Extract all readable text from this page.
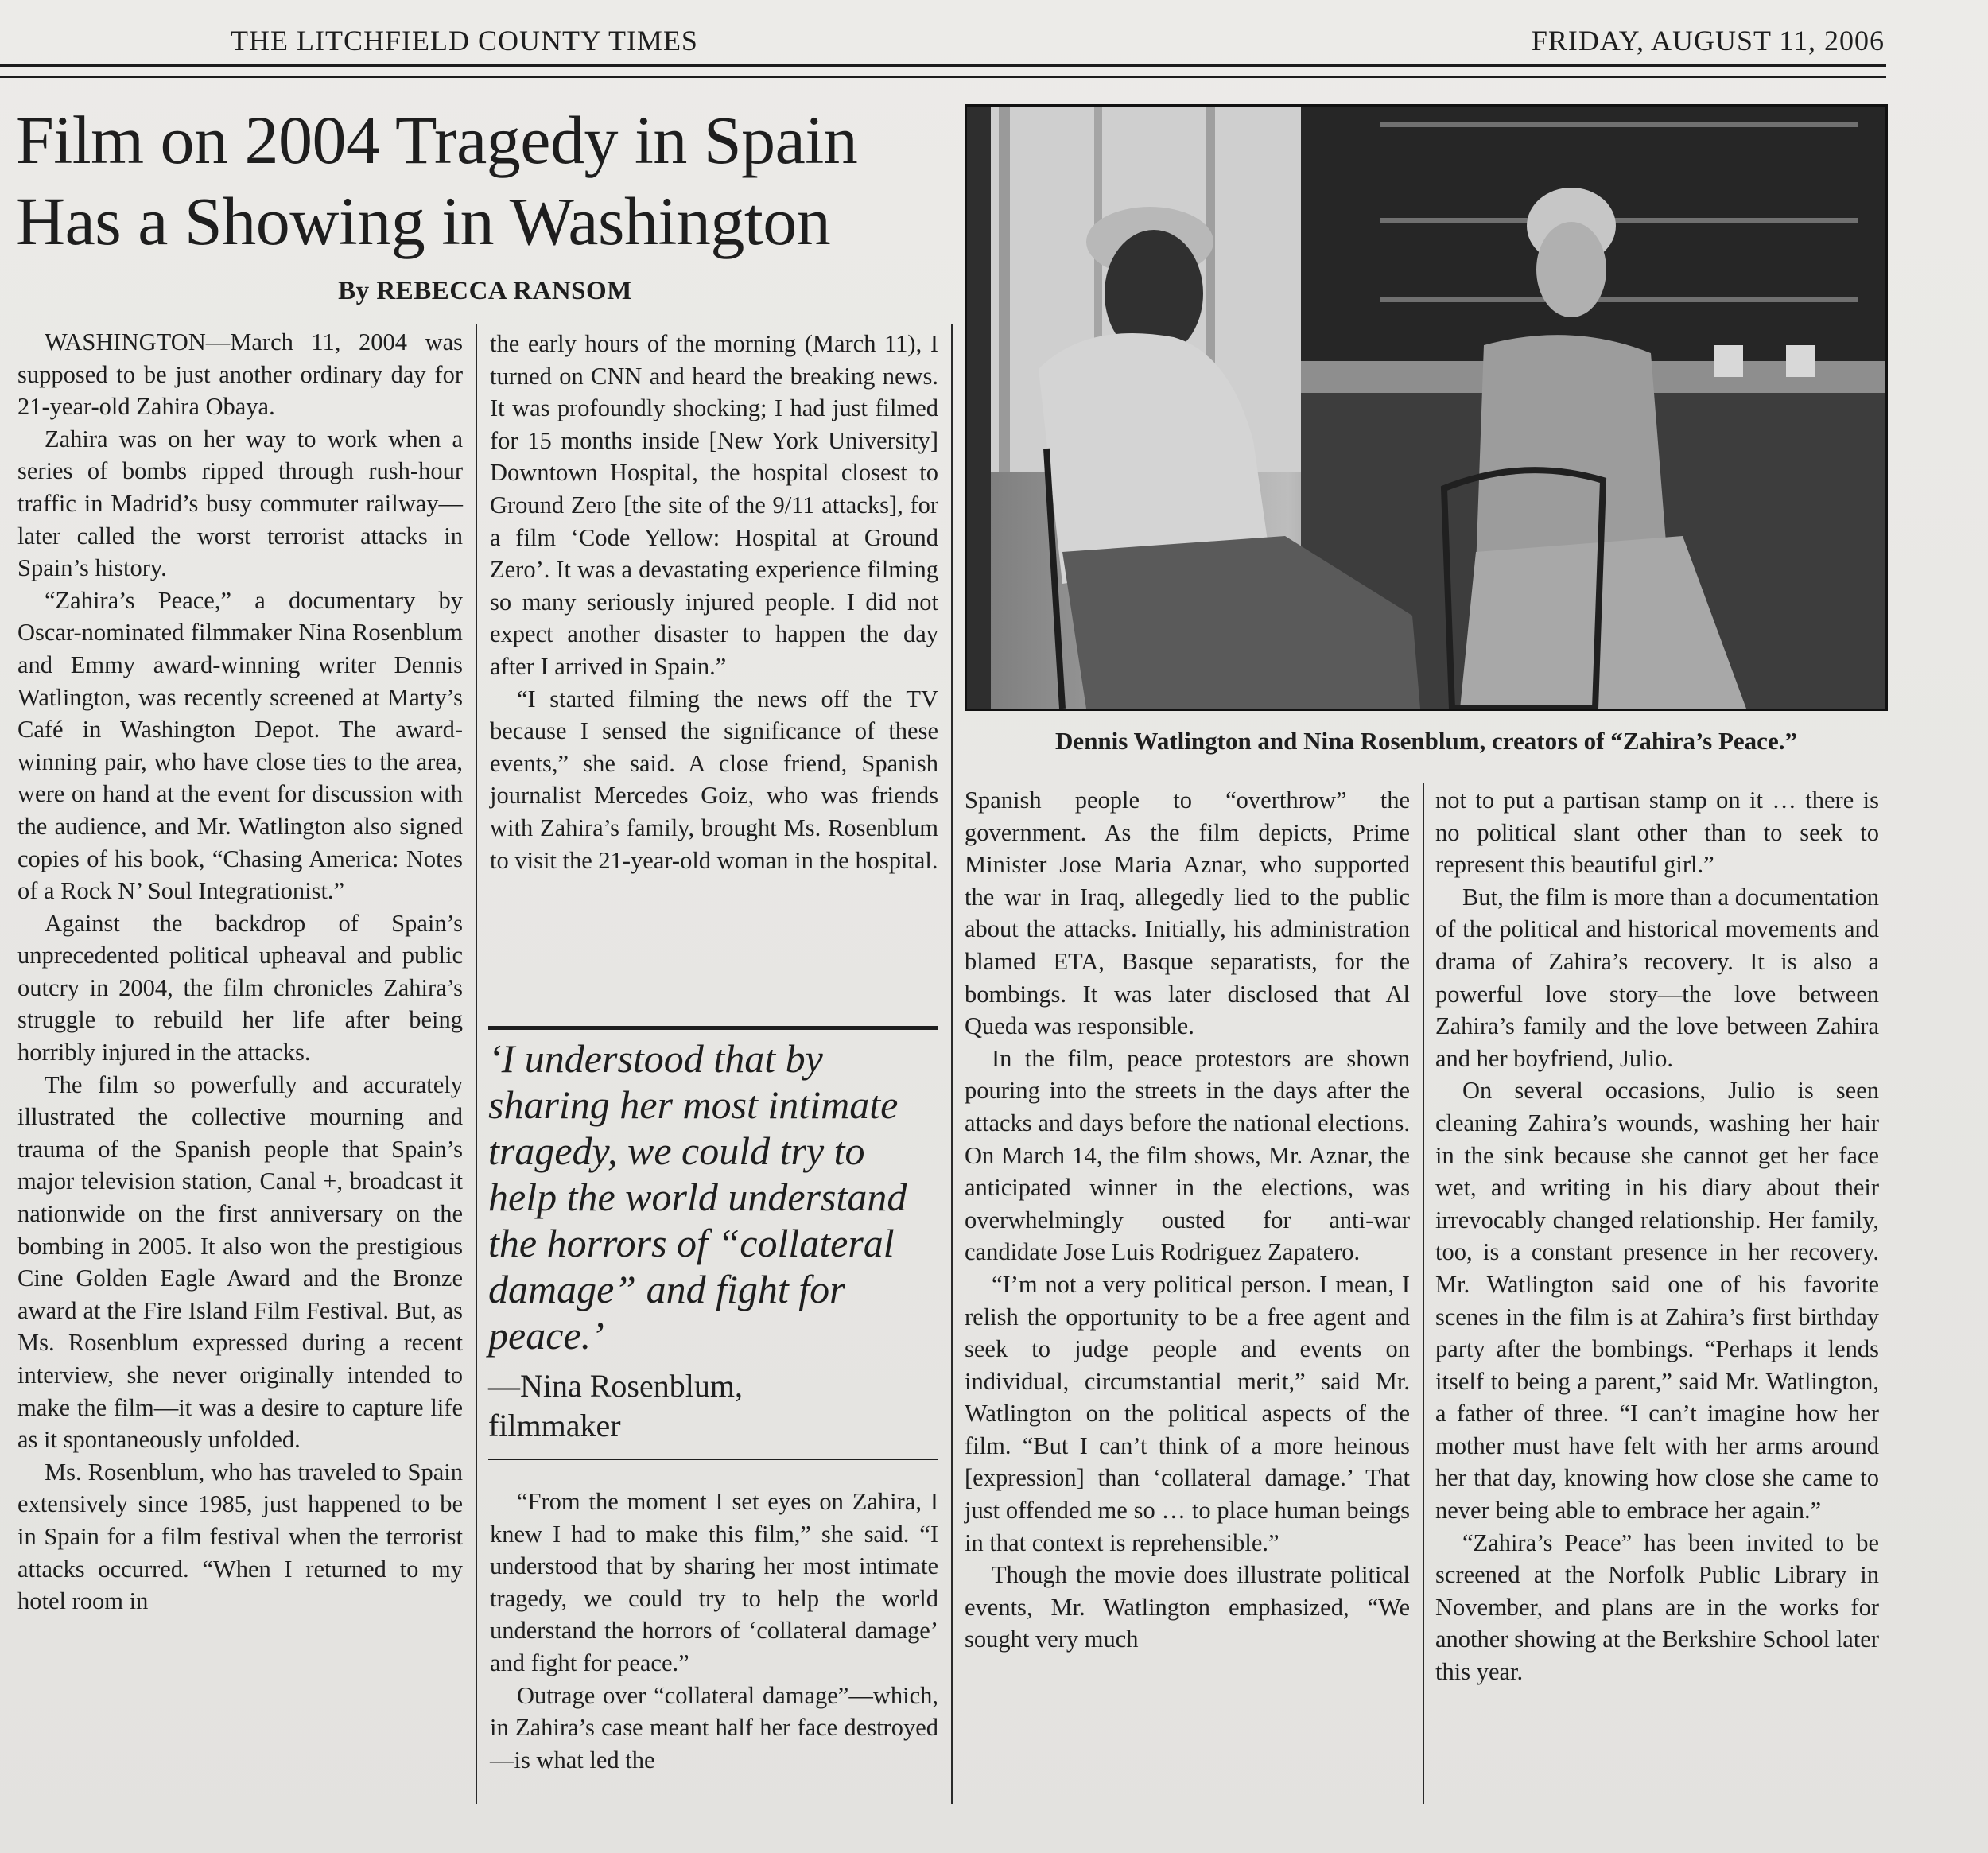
THE LITCHFIELD COUNTY TIMES	FRIDAY, AUGUST 11, 2006
Film on 2004 Tragedy in Spain
Has a Showing in Washington
By REBECCA RANSOM

WASHINGTON—March 11, 2004 was supposed to be just another ordinary day for 21-year-old Zahira Obaya.

Zahira was on her way to work when a series of bombs ripped through rush-hour traffic in Madrid’s busy commuter railway—later called the worst terrorist attacks in Spain’s history.

“Zahira’s Peace,” a documentary by Oscar-nominated filmmaker Nina Rosenblum and Emmy award-winning writer Dennis Watlington, was recently screened at Marty’s Café in Washington Depot. The award-winning pair, who have close ties to the area, were on hand at the event for discussion with the audience, and Mr. Watlington also signed copies of his book, “Chasing America: Notes of a Rock N’ Soul Integrationist.”

Against the backdrop of Spain’s unprecedented political upheaval and public outcry in 2004, the film chronicles Zahira’s struggle to rebuild her life after being horribly injured in the attacks.

The film so powerfully and accurately illustrated the collective mourning and trauma of the Spanish people that Spain’s major television station, Canal +, broadcast it nationwide on the first anniversary on the bombing in 2005. It also won the prestigious Cine Golden Eagle Award and the Bronze award at the Fire Island Film Festival. But, as Ms. Rosenblum expressed during a recent interview, she never originally intended to make the film—it was a desire to capture life as it spontaneously unfolded.

Ms. Rosenblum, who has traveled to Spain extensively since 1985, just happened to be in Spain for a film festival when the terrorist attacks occurred. “When I returned to my hotel room in

the early hours of the morning (March 11), I turned on CNN and heard the breaking news. It was profoundly shocking; I had just filmed for 15 months inside [New York University] Downtown Hospital, the hospital closest to Ground Zero [the site of the 9/11 attacks], for a film ‘Code Yellow: Hospital at Ground Zero’. It was a devastating experience filming so many seriously injured people. I did not expect another disaster to happen the day after I arrived in Spain.”

“I started filming the news off the TV because I sensed the significance of these events,” she said. A close friend, Spanish journalist Mercedes Goiz, who was friends with Zahira’s family, brought Ms. Rosenblum to visit the 21-year-old woman in the hospital.

‘I understood that by sharing her most intimate tragedy, we could try to help the world understand the horrors of “collateral damage” and fight for peace.’
—Nina Rosenblum,
filmmaker

“From the moment I set eyes on Zahira, I knew I had to make this film,” she said. “I understood that by sharing her most intimate tragedy, we could try to help the world understand the horrors of ‘collateral damage’ and fight for peace.”

Outrage over “collateral damage”—which, in Zahira’s case meant half her face destroyed—is what led the

Dennis Watlington and Nina Rosenblum, creators of “Zahira’s Peace.”

Spanish people to “overthrow” the government. As the film depicts, Prime Minister Jose Maria Aznar, who supported the war in Iraq, allegedly lied to the public about the attacks. Initially, his administration blamed ETA, Basque separatists, for the bombings. It was later disclosed that Al Queda was responsible.

In the film, peace protestors are shown pouring into the streets in the days after the attacks and days before the national elections. On March 14, the film shows, Mr. Aznar, the anticipated winner in the elections, was overwhelmingly ousted for anti-war candidate Jose Luis Rodriguez Zapatero.

“I’m not a very political person. I mean, I relish the opportunity to be a free agent and seek to judge people and events on individual, circumstantial merit,” said Mr. Watlington on the political aspects of the film. “But I can’t think of a more heinous [expression] than ‘collateral damage.’ That just offended me so … to place human beings in that context is reprehensible.”

Though the movie does illustrate political events, Mr. Watlington emphasized, “We sought very much

not to put a partisan stamp on it … there is no political slant other than to seek to represent this beautiful girl.”

But, the film is more than a documentation of the political and historical movements and drama of Zahira’s recovery. It is also a powerful love story—the love between Zahira’s family and the love between Zahira and her boyfriend, Julio.

On several occasions, Julio is seen cleaning Zahira’s wounds, washing her hair in the sink because she cannot get her face wet, and writing in his diary about their irrevocably changed relationship. Her family, too, is a constant presence in her recovery. Mr. Watlington said one of his favorite scenes in the film is at Zahira’s first birthday party after the bombings. “Perhaps it lends itself to being a parent,” said Mr. Watlington, a father of three. “I can’t imagine how her mother must have felt with her arms around her that day, knowing how close she came to never being able to embrace her again.”

“Zahira’s Peace” has been invited to be screened at the Norfolk Public Library in November, and plans are in the works for another showing at the Berkshire School later this year.
